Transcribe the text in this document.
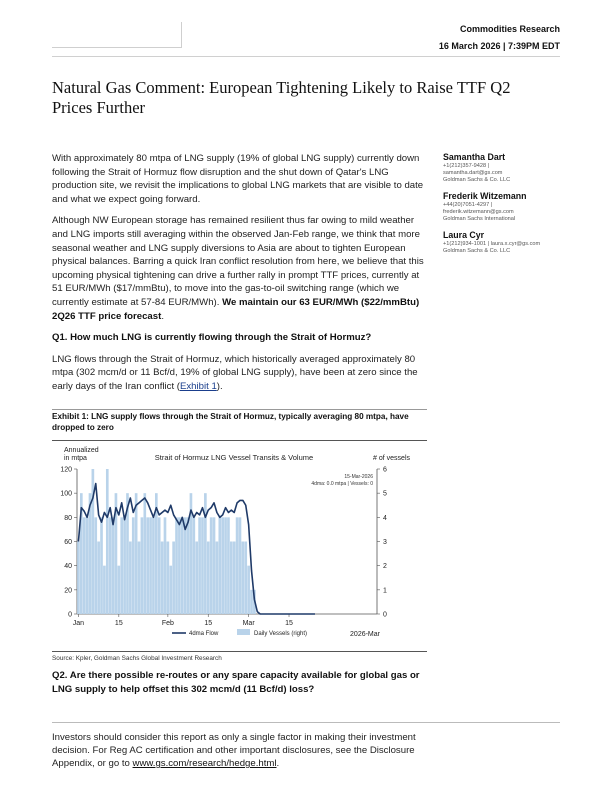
Commodities Research
16 March 2026 | 7:39PM EDT
Natural Gas Comment: European Tightening Likely to Raise TTF Q2 Prices Further

With approximately 80 mtpa of LNG supply (19% of global LNG supply) currently down following the Strait of Hormuz flow disruption and the shut down of Qatar's LNG production site, we revisit the implications to global LNG markets that are visible to date and what we expect going forward.

Although NW European storage has remained resilient thus far owing to mild weather and LNG imports still averaging within the observed Jan-Feb range, we think that more seasonal weather and LNG supply diversions to Asia are about to tighten European physical balances. Barring a quick Iran conflict resolution from here, we believe that this upcoming physical tightening can drive a further rally in prompt TTF prices, currently at 51 EUR/MWh ($17/mmBtu), to move into the gas-to-oil switching range (which we currently estimate at 57-84 EUR/MWh). We maintain our 63 EUR/MWh ($22/mmBtu) 2Q26 TTF price forecast.

Q1. How much LNG is currently flowing through the Strait of Hormuz?

LNG flows through the Strait of Hormuz, which historically averaged approximately 80 mtpa (302 mcm/d or 11 Bcf/d, 19% of global LNG supply), have been at zero since the early days of the Iran conflict (Exhibit 1).

Samantha Dart
+1(212)357-9428 |
samantha.dart@gs.com
Goldman Sachs & Co. LLC
Frederik Witzemann
+44(20)7051-4297 |
frederik.witzemann@gs.com
Goldman Sachs International
Laura Cyr
+1(212)934-1001 | laura.x.cyr@gs.com
Goldman Sachs & Co. LLC
Exhibit 1: LNG supply flows through the Strait of Hormuz, typically averaging 80 mtpa, have dropped to zero
0
20
40
60
80
100
120
0
1
2
3
4
5
6
Jan	15	Feb	15	Mar	15
2026-Mar
Annualized
in mtpa	Strait of Hormuz LNG Vessel Transits & Volume	# of vessels
15-Mar-2026
4dma: 0.0 mtpa | Vessels: 0
4dma Flow	Daily Vessels (right)
Source: Kpler, Goldman Sachs Global Investment Research
Q2. Are there possible re-routes or any spare capacity available for global gas or LNG supply to help offset this 302 mcm/d (11 Bcf/d) loss?
Investors should consider this report as only a single factor in making their investment decision. For Reg AC certification and other important disclosures, see the Disclosure Appendix, or go to www.gs.com/research/hedge.html.
